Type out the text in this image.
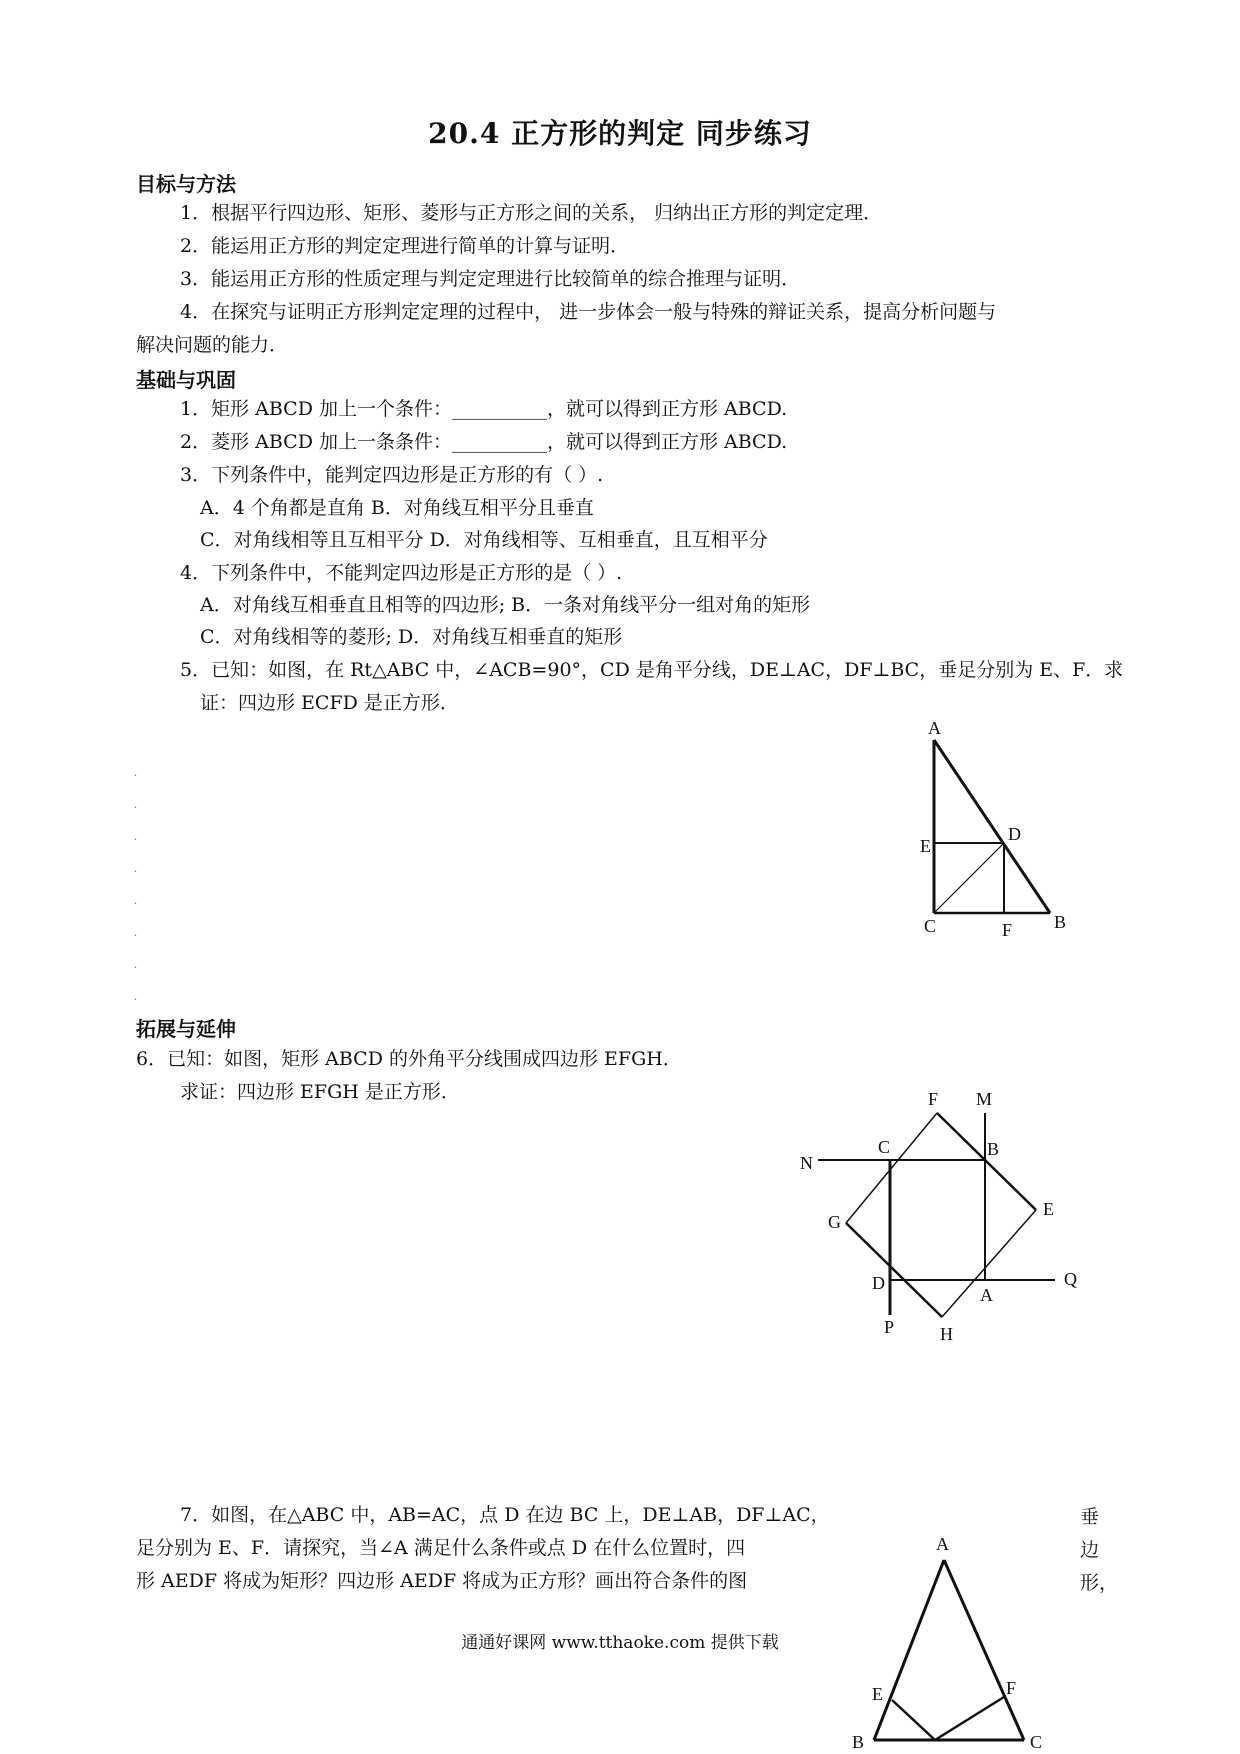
20.4 正方形的判定 同步练习
目标与方法
1．根据平行四边形、矩形、菱形与正方形之间的关系， 归纳出正方形的判定定理．
2．能运用正方形的判定定理进行简单的计算与证明．
3．能运用正方形的性质定理与判定定理进行比较简单的综合推理与证明．
4．在探究与证明正方形判定定理的过程中， 进一步体会一般与特殊的辩证关系，提高分析问题与
解决问题的能力．
基础与巩固
1．矩形 ABCD 加上一个条件：__________，就可以得到正方形 ABCD.
2．菱形 ABCD 加上一条条件：__________，就可以得到正方形 ABCD.
3．下列条件中，能判定四边形是正方形的有（ ）.
A．4 个角都是直角 B．对角线互相平分且垂直
C．对角线相等且互相平分 D．对角线相等、互相垂直，且互相平分
4．下列条件中，不能判定四边形是正方形的是（ ）.
A．对角线互相垂直且相等的四边形; B．一条对角线平分一组对角的矩形
C．对角线相等的菱形; D．对角线互相垂直的矩形
5．已知：如图，在 Rt△ABC 中，∠ACB=90°，CD 是角平分线，DE⊥AC，DF⊥BC，垂足分别为 E、F．求
证：四边形 ECFD 是正方形．
.
.
.
.
.
.
.
.
A
E
D
C	F B
拓展与延伸
6．已知：如图，矩形 ABCD 的外角平分线围成四边形 EFGH．
求证：四边形 EFGH 是正方形．	F M
C	B
N
E
G
D
A
Q
P	H
7．如图，在△ABC 中，AB=AC，点 D 在边 BC 上，DE⊥AB，DF⊥AC，
足分别为 E、F．请探究，当∠A 满足什么条件或点 D 在什么位置时，四
形 AEDF 将成为矩形？四边形 AEDF 将成为正方形？画出符合条件的图
垂
边
形，
A
E	F
B	C
通通好课网 www.tthaoke.com 提供下载
